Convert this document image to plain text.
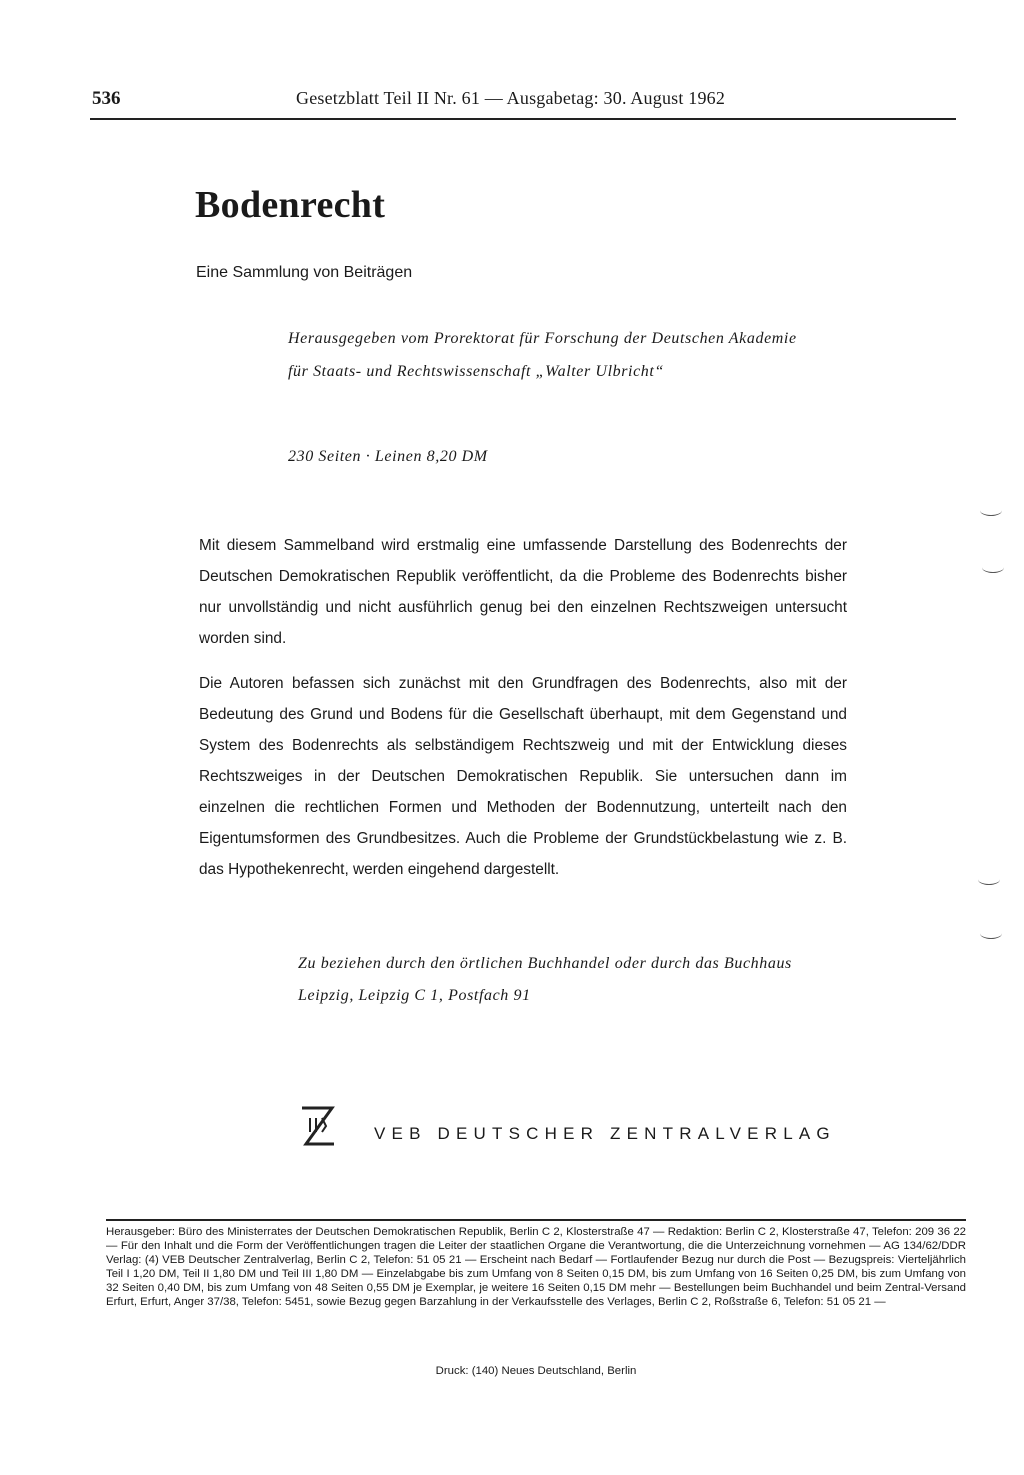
536	Gesetzblatt Teil II Nr. 61 — Ausgabetag: 30. August 1962
Bodenrecht
Eine Sammlung von Beiträgen
Herausgegeben vom Prorektorat für Forschung der Deutschen Akademie
für Staats- und Rechtswissenschaft „Walter Ulbricht“
230 Seiten · Leinen 8,20 DM

Mit diesem Sammelband wird erstmalig eine umfassende Darstellung des Bodenrechts der Deutschen Demokratischen Republik veröffentlicht, da die Probleme des Bodenrechts bisher nur unvollständig und nicht ausführlich genug bei den einzelnen Rechtszweigen untersucht worden sind.

Die Autoren befassen sich zunächst mit den Grundfragen des Bodenrechts, also mit der Bedeutung des Grund und Bodens für die Gesellschaft überhaupt, mit dem Gegenstand und System des Bodenrechts als selbständigem Rechtszweig und mit der Entwicklung dieses Rechtszweiges in der Deutschen Demokratischen Republik. Sie untersuchen dann im einzelnen die rechtlichen Formen und Methoden der Bodennutzung, unterteilt nach den Eigentumsformen des Grundbesitzes. Auch die Probleme der Grundstückbelastung wie z. B. das Hypothekenrecht, werden eingehend dargestellt.

Zu beziehen durch den örtlichen Buchhandel oder durch das Buchhaus
Leipzig, Leipzig C 1, Postfach 91
VEB DEUTSCHER ZENTRALVERLAG

Herausgeber: Büro des Ministerrates der Deutschen Demokratischen Republik, Berlin C 2, Klosterstraße 47 — Redaktion: Berlin C 2, Klosterstraße 47, Telefon: 209 36 22 — Für den Inhalt und die Form der Veröffentlichungen tragen die Leiter der staatlichen Organe die Verantwortung, die die Unterzeichnung vornehmen — AG 134/62/DDR Verlag: (4) VEB Deutscher Zentralverlag, Berlin C 2, Telefon: 51 05 21 — Erscheint nach Bedarf — Fortlaufender Bezug nur durch die Post — Bezugspreis: Vierteljährlich Teil I 1,20 DM, Teil II 1,80 DM und Teil III 1,80 DM — Einzelabgabe bis zum Umfang von 8 Seiten 0,15 DM, bis zum Umfang von 16 Seiten 0,25 DM, bis zum Umfang von 32 Seiten 0,40 DM, bis zum Umfang von 48 Seiten 0,55 DM je Exemplar, je weitere 16 Seiten 0,15 DM mehr — Bestellungen beim Buchhandel und beim Zentral-Versand Erfurt, Erfurt, Anger 37/38, Telefon: 5451, sowie Bezug gegen Barzahlung in der Verkaufsstelle des Verlages, Berlin C 2, Roßstraße 6, Telefon: 51 05 21 —

Druck: (140) Neues Deutschland, Berlin
